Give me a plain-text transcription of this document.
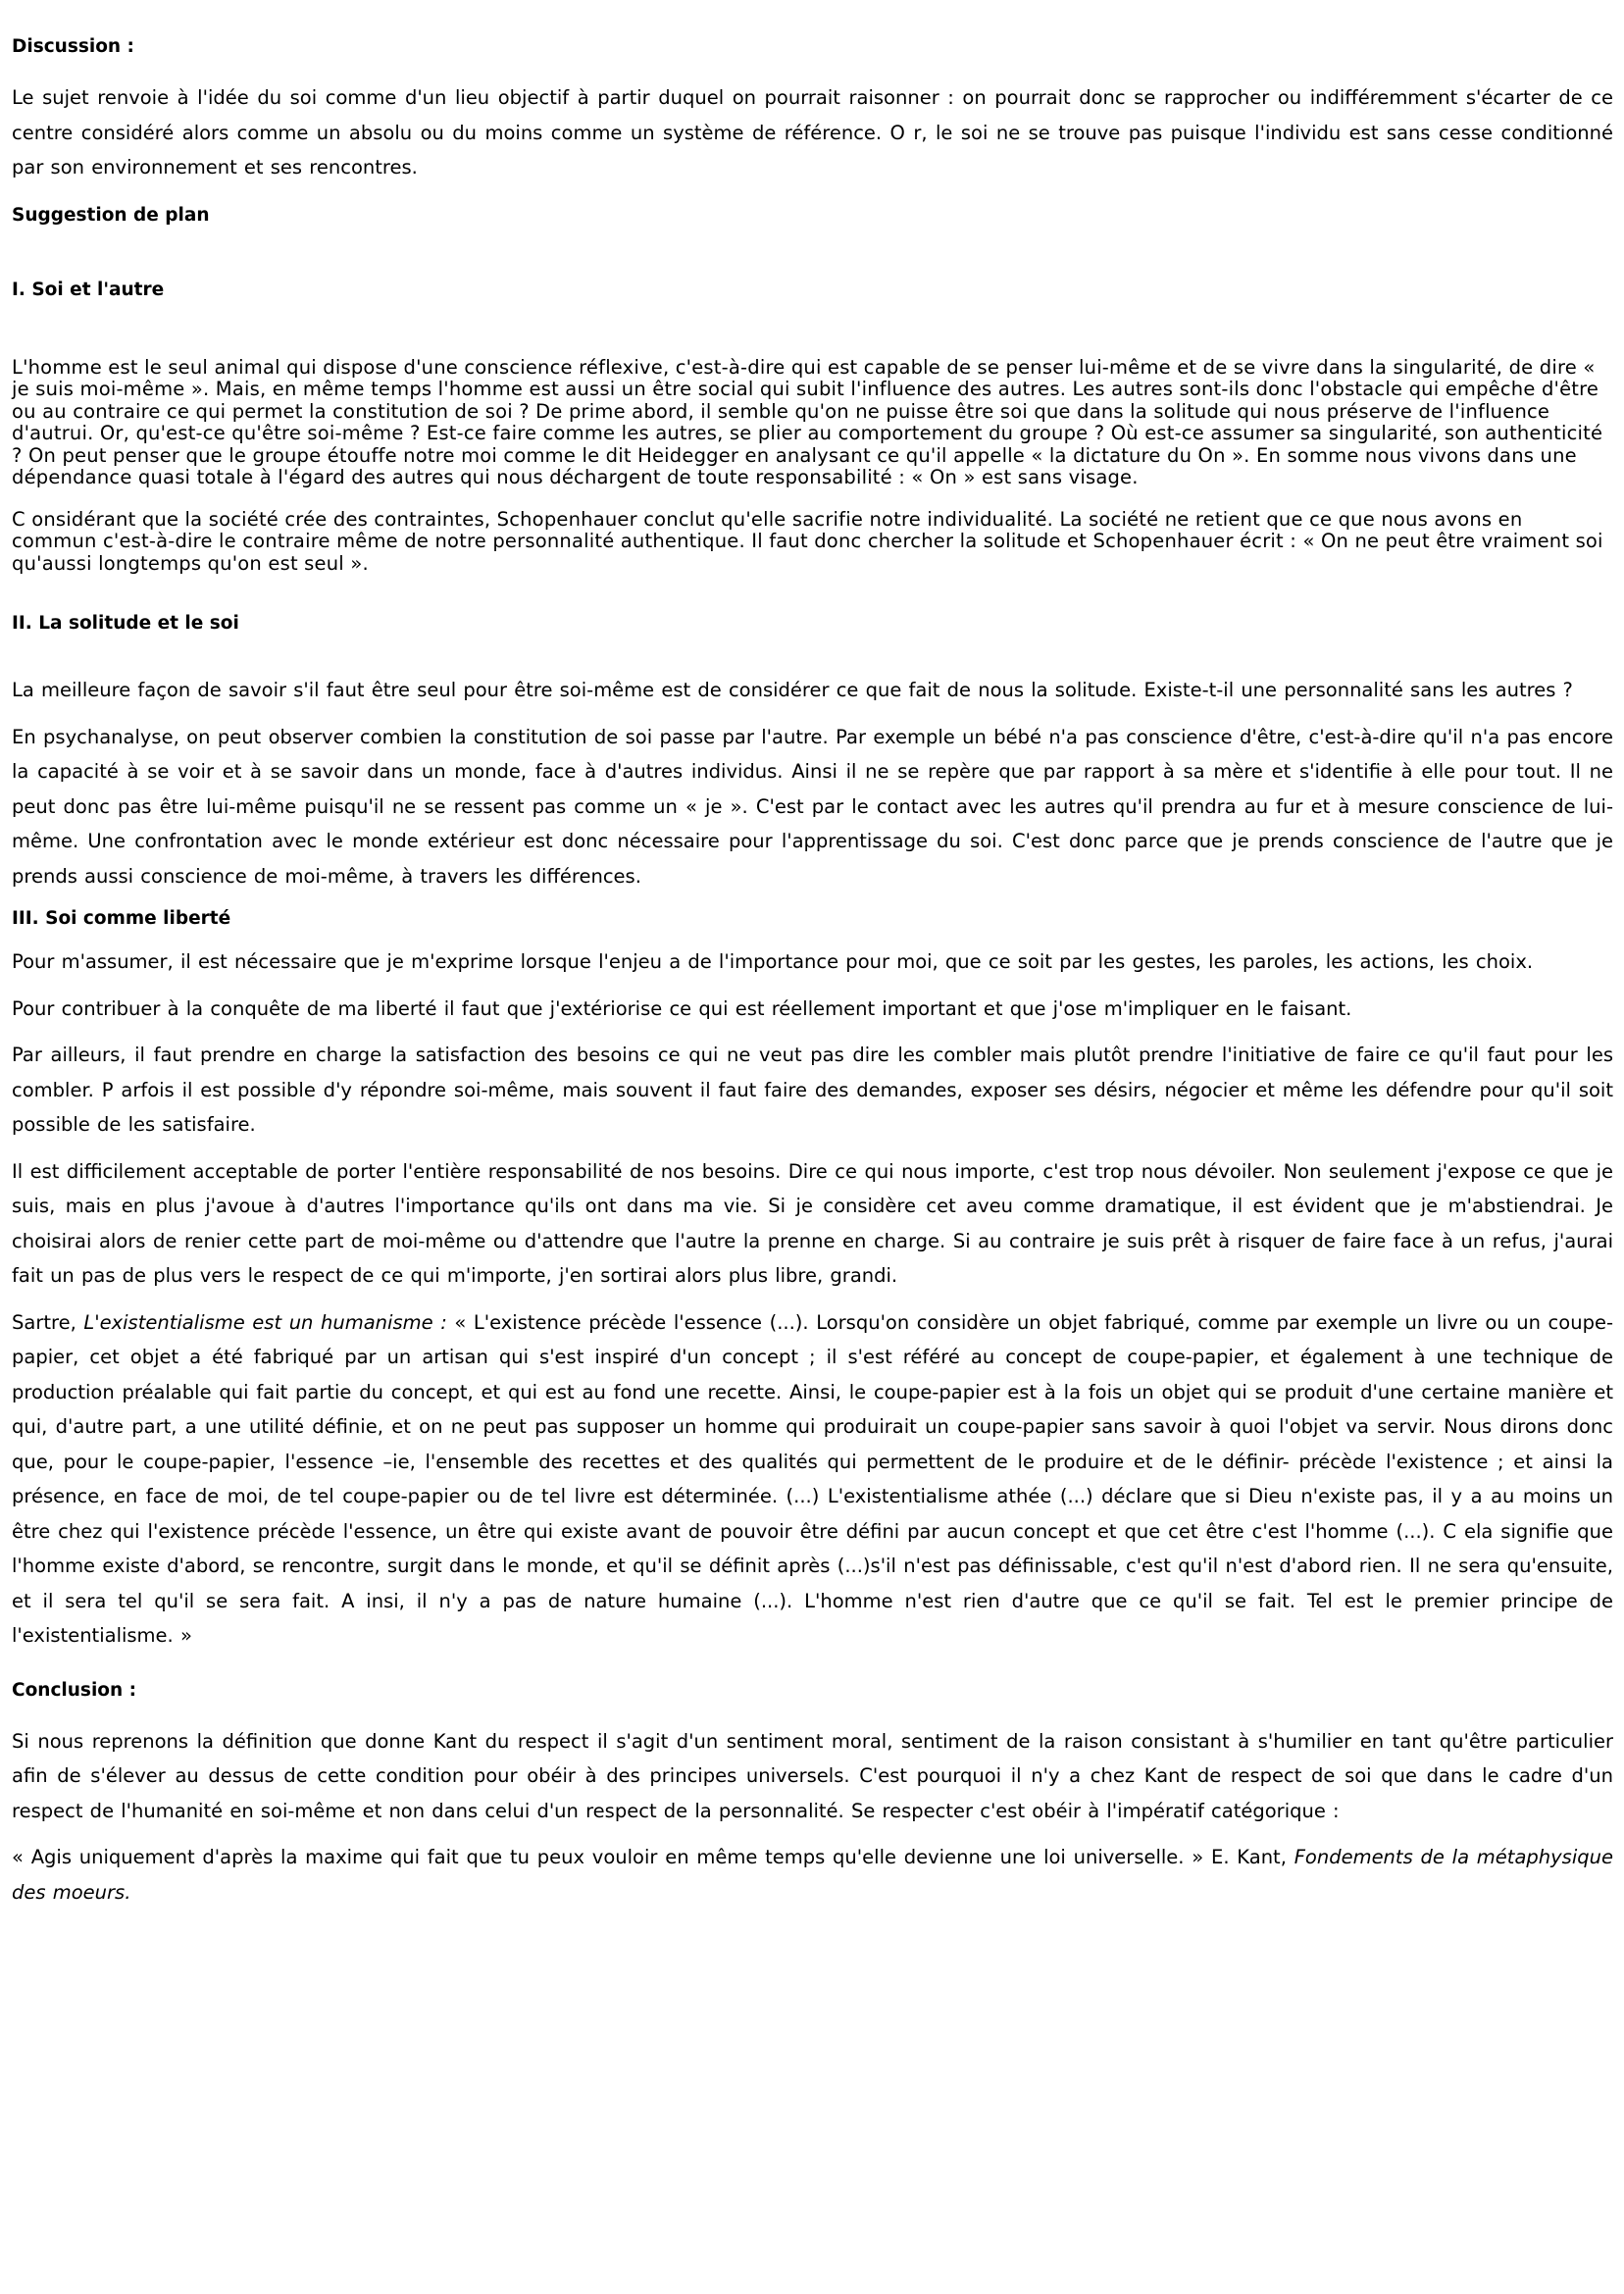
Discussion :

Le sujet renvoie à l'idée du soi comme d'un lieu objectif à partir duquel on pourrait raisonner : on pourrait donc se rapprocher ou indifféremment s'écarter de ce centre considéré alors comme un absolu ou du moins comme un système de référence. O r, le soi ne se trouve pas puisque l'individu est sans cesse conditionné par son environnement et ses rencontres.

Suggestion de plan

I. Soi et l'autre

L'homme est le seul animal qui dispose d'une conscience réflexive, c'est-à-dire qui est capable de se penser lui-même et de se vivre dans la singularité, de dire « je suis moi-même ». Mais, en même temps l'homme est aussi un être social qui subit l'influence des autres. Les autres sont-ils donc l'obstacle qui empêche d'être ou au contraire ce qui permet la constitution de soi ? De prime abord, il semble qu'on ne puisse être soi que dans la solitude qui nous préserve de l'influence d'autrui. Or, qu'est-ce qu'être soi-même ? Est-ce faire comme les autres, se plier au comportement du groupe ? Où est-ce assumer sa singularité, son authenticité ? On peut penser que le groupe étouffe notre moi comme le dit Heidegger en analysant ce qu'il appelle « la dictature du On ». En somme nous vivons dans une dépendance quasi totale à l'égard des autres qui nous déchargent de toute responsabilité : « On » est sans visage.

C onsidérant que la société crée des contraintes, Schopenhauer conclut qu'elle sacrifie notre individualité. La société ne retient que ce que nous avons en commun c'est-à-dire le contraire même de notre personnalité authentique. Il faut donc chercher la solitude et Schopenhauer écrit : « On ne peut être vraiment soi qu'aussi longtemps qu'on est seul ».

II. La solitude et le soi

La meilleure façon de savoir s'il faut être seul pour être soi-même est de considérer ce que fait de nous la solitude. Existe-t-il une personnalité sans les autres ?

En psychanalyse, on peut observer combien la constitution de soi passe par l'autre. Par exemple un bébé n'a pas conscience d'être, c'est-à-dire qu'il n'a pas encore la capacité à se voir et à se savoir dans un monde, face à d'autres individus. Ainsi il ne se repère que par rapport à sa mère et s'identifie à elle pour tout. Il ne peut donc pas être lui-même puisqu'il ne se ressent pas comme un « je ». C'est par le contact avec les autres qu'il prendra au fur et à mesure conscience de lui-même. Une confrontation avec le monde extérieur est donc nécessaire pour l'apprentissage du soi. C'est donc parce que je prends conscience de l'autre que je prends aussi conscience de moi-même, à travers les différences.

III. Soi comme liberté

Pour m'assumer, il est nécessaire que je m'exprime lorsque l'enjeu a de l'importance pour moi, que ce soit par les gestes, les paroles, les actions, les choix.

Pour contribuer à la conquête de ma liberté il faut que j'extériorise ce qui est réellement important et que j'ose m'impliquer en le faisant.

Par ailleurs, il faut prendre en charge la satisfaction des besoins ce qui ne veut pas dire les combler mais plutôt prendre l'initiative de faire ce qu'il faut pour les combler. P arfois il est possible d'y répondre soi-même, mais souvent il faut faire des demandes, exposer ses désirs, négocier et même les défendre pour qu'il soit possible de les satisfaire.

Il est difficilement acceptable de porter l'entière responsabilité de nos besoins. Dire ce qui nous importe, c'est trop nous dévoiler. Non seulement j'expose ce que je suis, mais en plus j'avoue à d'autres l'importance qu'ils ont dans ma vie. Si je considère cet aveu comme dramatique, il est évident que je m'abstiendrai. Je choisirai alors de renier cette part de moi-même ou d'attendre que l'autre la prenne en charge. Si au contraire je suis prêt à risquer de faire face à un refus, j'aurai fait un pas de plus vers le respect de ce qui m'importe, j'en sortirai alors plus libre, grandi.

Sartre, L'existentialisme est un humanisme : « L'existence précède l'essence (...). Lorsqu'on considère un objet fabriqué, comme par exemple un livre ou un coupe-papier, cet objet a été fabriqué par un artisan qui s'est inspiré d'un concept ; il s'est référé au concept de coupe-papier, et également à une technique de production préalable qui fait partie du concept, et qui est au fond une recette. Ainsi, le coupe-papier est à la fois un objet qui se produit d'une certaine manière et qui, d'autre part, a une utilité définie, et on ne peut pas supposer un homme qui produirait un coupe-papier sans savoir à quoi l'objet va servir. Nous dirons donc que, pour le coupe-papier, l'essence –ie, l'ensemble des recettes et des qualités qui permettent de le produire et de le définir- précède l'existence ; et ainsi la présence, en face de moi, de tel coupe-papier ou de tel livre est déterminée. (...) L'existentialisme athée (...) déclare que si Dieu n'existe pas, il y a au moins un être chez qui l'existence précède l'essence, un être qui existe avant de pouvoir être défini par aucun concept et que cet être c'est l'homme (...). C ela signifie que l'homme existe d'abord, se rencontre, surgit dans le monde, et qu'il se définit après (...)s'il n'est pas définissable, c'est qu'il n'est d'abord rien. Il ne sera qu'ensuite, et il sera tel qu'il se sera fait. A insi, il n'y a pas de nature humaine (...). L'homme n'est rien d'autre que ce qu'il se fait. Tel est le premier principe de l'existentialisme. »

Conclusion :

Si nous reprenons la définition que donne Kant du respect il s'agit d'un sentiment moral, sentiment de la raison consistant à s'humilier en tant qu'être particulier afin de s'élever au dessus de cette condition pour obéir à des principes universels. C'est pourquoi il n'y a chez Kant de respect de soi que dans le cadre d'un respect de l'humanité en soi-même et non dans celui d'un respect de la personnalité. Se respecter c'est obéir à l'impératif catégorique :

« Agis uniquement d'après la maxime qui fait que tu peux vouloir en même temps qu'elle devienne une loi universelle. » E. Kant, Fondements de la métaphysique des moeurs.
